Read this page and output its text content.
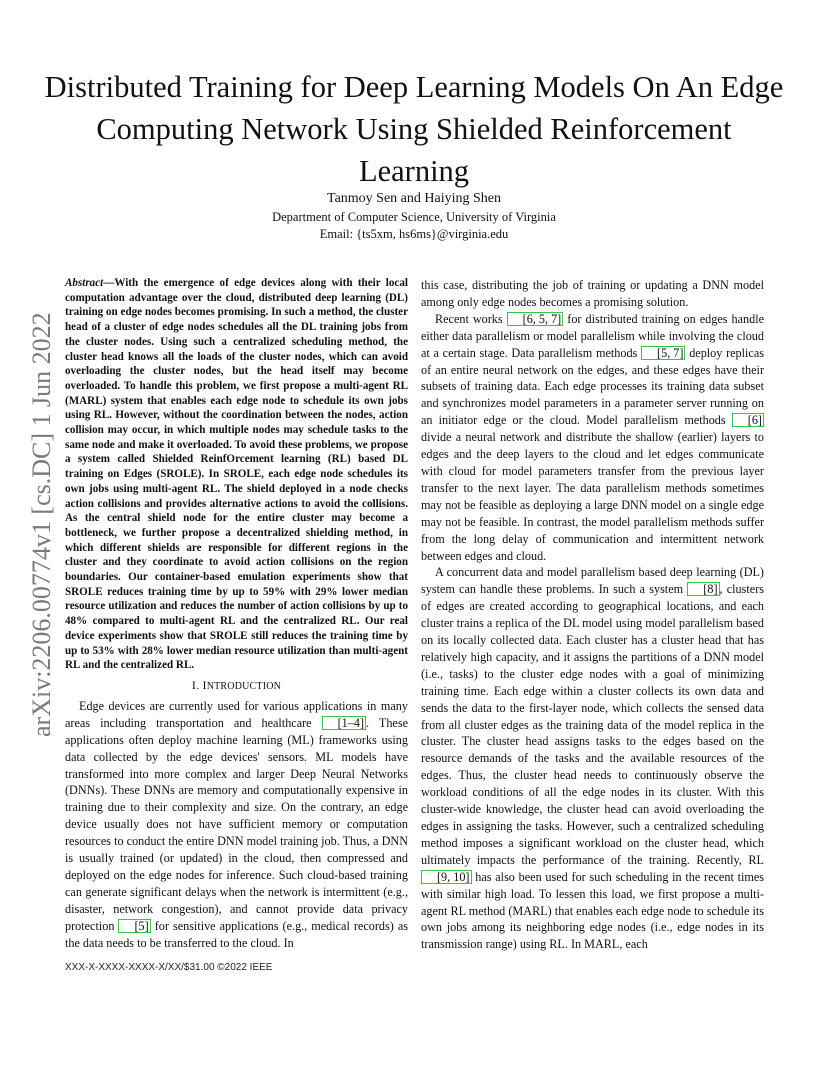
arXiv:2206.00774v1 [cs.DC] 1 Jun 2022
Distributed Training for Deep Learning Models On An Edge Computing Network Using Shielded Reinforcement Learning
Tanmoy Sen and Haiying Shen
Department of Computer Science, University of Virginia
Email: {ts5xm, hs6ms}@virginia.edu
Abstract—With the emergence of edge devices along with their local computation advantage over the cloud, distributed deep learning (DL) training on edge nodes becomes promising. In such a method, the cluster head of a cluster of edge nodes schedules all the DL training jobs from the cluster nodes. Using such a centralized scheduling method, the cluster head knows all the loads of the cluster nodes, which can avoid overloading the cluster nodes, but the head itself may become overloaded. To handle this problem, we first propose a multi-agent RL (MARL) system that enables each edge node to schedule its own jobs using RL. However, without the coordination between the nodes, action collision may occur, in which multiple nodes may schedule tasks to the same node and make it overloaded. To avoid these problems, we propose a system called Shielded ReinfOrcement learning (RL) based DL training on Edges (SROLE). In SROLE, each edge node schedules its own jobs using multi-agent RL. The shield deployed in a node checks action collisions and provides alternative actions to avoid the collisions. As the central shield node for the entire cluster may become a bottleneck, we further propose a decentralized shielding method, in which different shields are responsible for different regions in the cluster and they coordinate to avoid action collisions on the region boundaries. Our container-based emulation experiments show that SROLE reduces training time by up to 59% with 29% lower median resource utilization and reduces the number of action collisions by up to 48% compared to multi-agent RL and the centralized RL. Our real device experiments show that SROLE still reduces the training time by up to 53% with 28% lower median resource utilization than multi-agent RL and the centralized RL.
I. INTRODUCTION

Edge devices are currently used for various applications in many areas including transportation and healthcare [1–4] . These applications often deploy machine learning (ML) frameworks using data collected by the edge devices' sensors. ML models have transformed into more complex and larger Deep Neural Networks (DNNs). These DNNs are memory and computationally expensive in training due to their complexity and size. On the contrary, an edge device usually does not have sufficient memory or computation resources to conduct the entire DNN model training job. Thus, a DNN is usually trained (or updated) in the cloud, then compressed and deployed on the edge nodes for inference. Such cloud-based training can generate significant delays when the network is intermittent (e.g., disaster, network congestion), and cannot provide data privacy protection [5] for sensitive applications (e.g., medical records) as the data needs to be transferred to the cloud. In

this case, distributing the job of training or updating a DNN model among only edge nodes becomes a promising solution.

Recent works [6, 5, 7] for distributed training on edges handle either data parallelism or model parallelism while involving the cloud at a certain stage. Data parallelism methods [5, 7] deploy replicas of an entire neural network on the edges, and these edges have their subsets of training data. Each edge processes its training data subset and synchronizes model parameters in a parameter server running on an initiator edge or the cloud. Model parallelism methods [6] divide a neural network and distribute the shallow (earlier) layers to edges and the deep layers to the cloud and let edges communicate with cloud for model parameters transfer from the previous layer transfer to the next layer. The data parallelism methods sometimes may not be feasible as deploying a large DNN model on a single edge may not be feasible. In contrast, the model parallelism methods suffer from the long delay of communication and intermittent network between edges and cloud.

A concurrent data and model parallelism based deep learning (DL) system can handle these problems. In such a system [8] , clusters of edges are created according to geographical locations, and each cluster trains a replica of the DL model using model parallelism based on its locally collected data. Each cluster has a cluster head that has relatively high capacity, and it assigns the partitions of a DNN model (i.e., tasks) to the cluster edge nodes with a goal of minimizing training time. Each edge within a cluster collects its own data and sends the data to the first-layer node, which collects the sensed data from all cluster edges as the training data of the model replica in the cluster. The cluster head assigns tasks to the edges based on the resource demands of the tasks and the available resources of the edges. Thus, the cluster head needs to continuously observe the workload conditions of all the edge nodes in its cluster. With this cluster-wide knowledge, the cluster head can avoid overloading the edges in assigning the tasks. However, such a centralized scheduling method imposes a significant workload on the cluster head, which ultimately impacts the performance of the training. Recently, RL [9, 10] has also been used for such scheduling in the recent times with similar high load. To lessen this load, we first propose a multi-agent RL method (MARL) that enables each edge node to schedule its own jobs among its neighboring edge nodes (i.e., edge nodes in its transmission range) using RL. In MARL, each

XXX-X-XXXX-XXXX-X/XX/$31.00 ©2022 IEEE
